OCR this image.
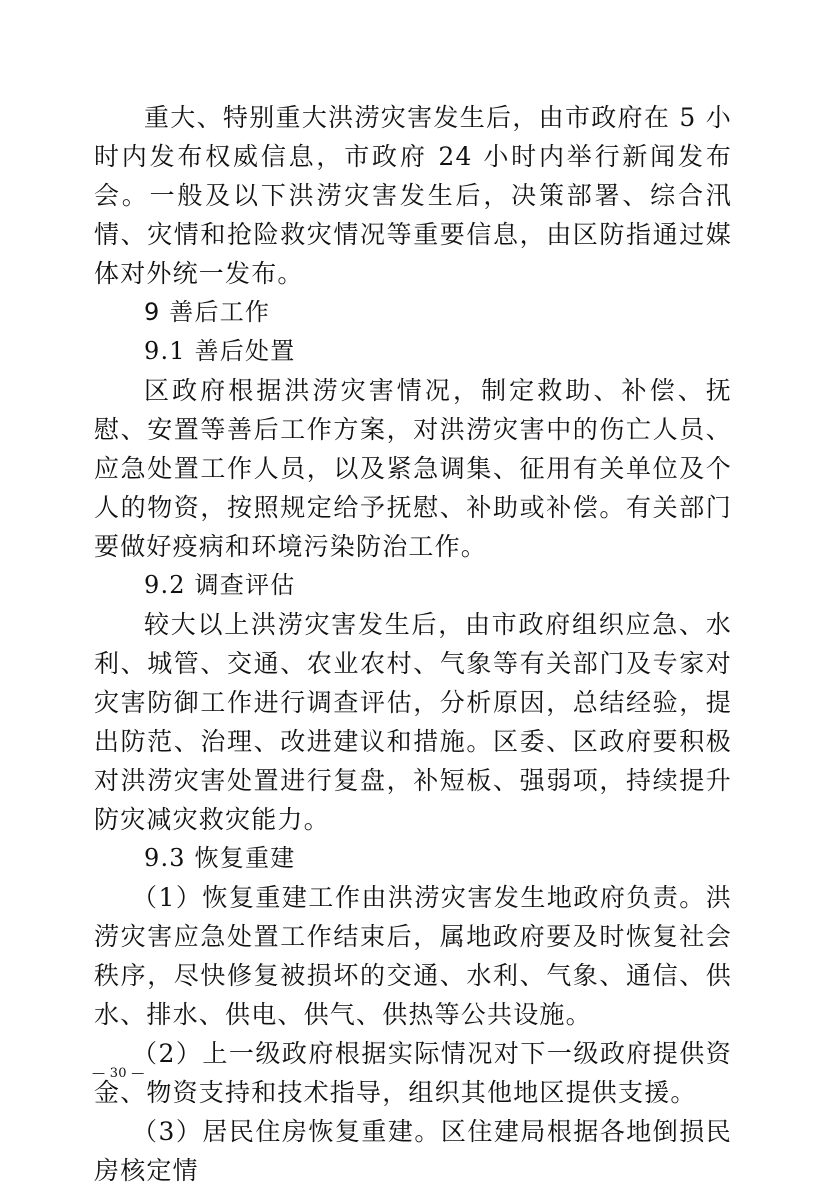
重大、特别重大洪涝灾害发生后，由市政府在 5 小时内发布权威信息，市政府 24 小时内举行新闻发布会。一般及以下洪涝灾害发生后，决策部署、综合汛情、灾情和抢险救灾情况等重要信息，由区防指通过媒体对外统一发布。

9 善后工作
9.1 善后处置

区政府根据洪涝灾害情况，制定救助、补偿、抚慰、安置等善后工作方案，对洪涝灾害中的伤亡人员、应急处置工作人员，以及紧急调集、征用有关单位及个人的物资，按照规定给予抚慰、补助或补偿。有关部门要做好疫病和环境污染防治工作。

9.2 调查评估

较大以上洪涝灾害发生后，由市政府组织应急、水利、城管、交通、农业农村、气象等有关部门及专家对灾害防御工作进行调查评估，分析原因，总结经验，提出防范、治理、改进建议和措施。区委、区政府要积极对洪涝灾害处置进行复盘，补短板、强弱项，持续提升防灾减灾救灾能力。

9.3 恢复重建

（1）恢复重建工作由洪涝灾害发生地政府负责。洪涝灾害应急处置工作结束后，属地政府要及时恢复社会秩序，尽快修复被损坏的交通、水利、气象、通信、供水、排水、供电、供气、供热等公共设施。

（2）上一级政府根据实际情况对下一级政府提供资金、物资支持和技术指导，组织其他地区提供支援。

（3）居民住房恢复重建。区住建局根据各地倒损民房核定情

— 30 —
